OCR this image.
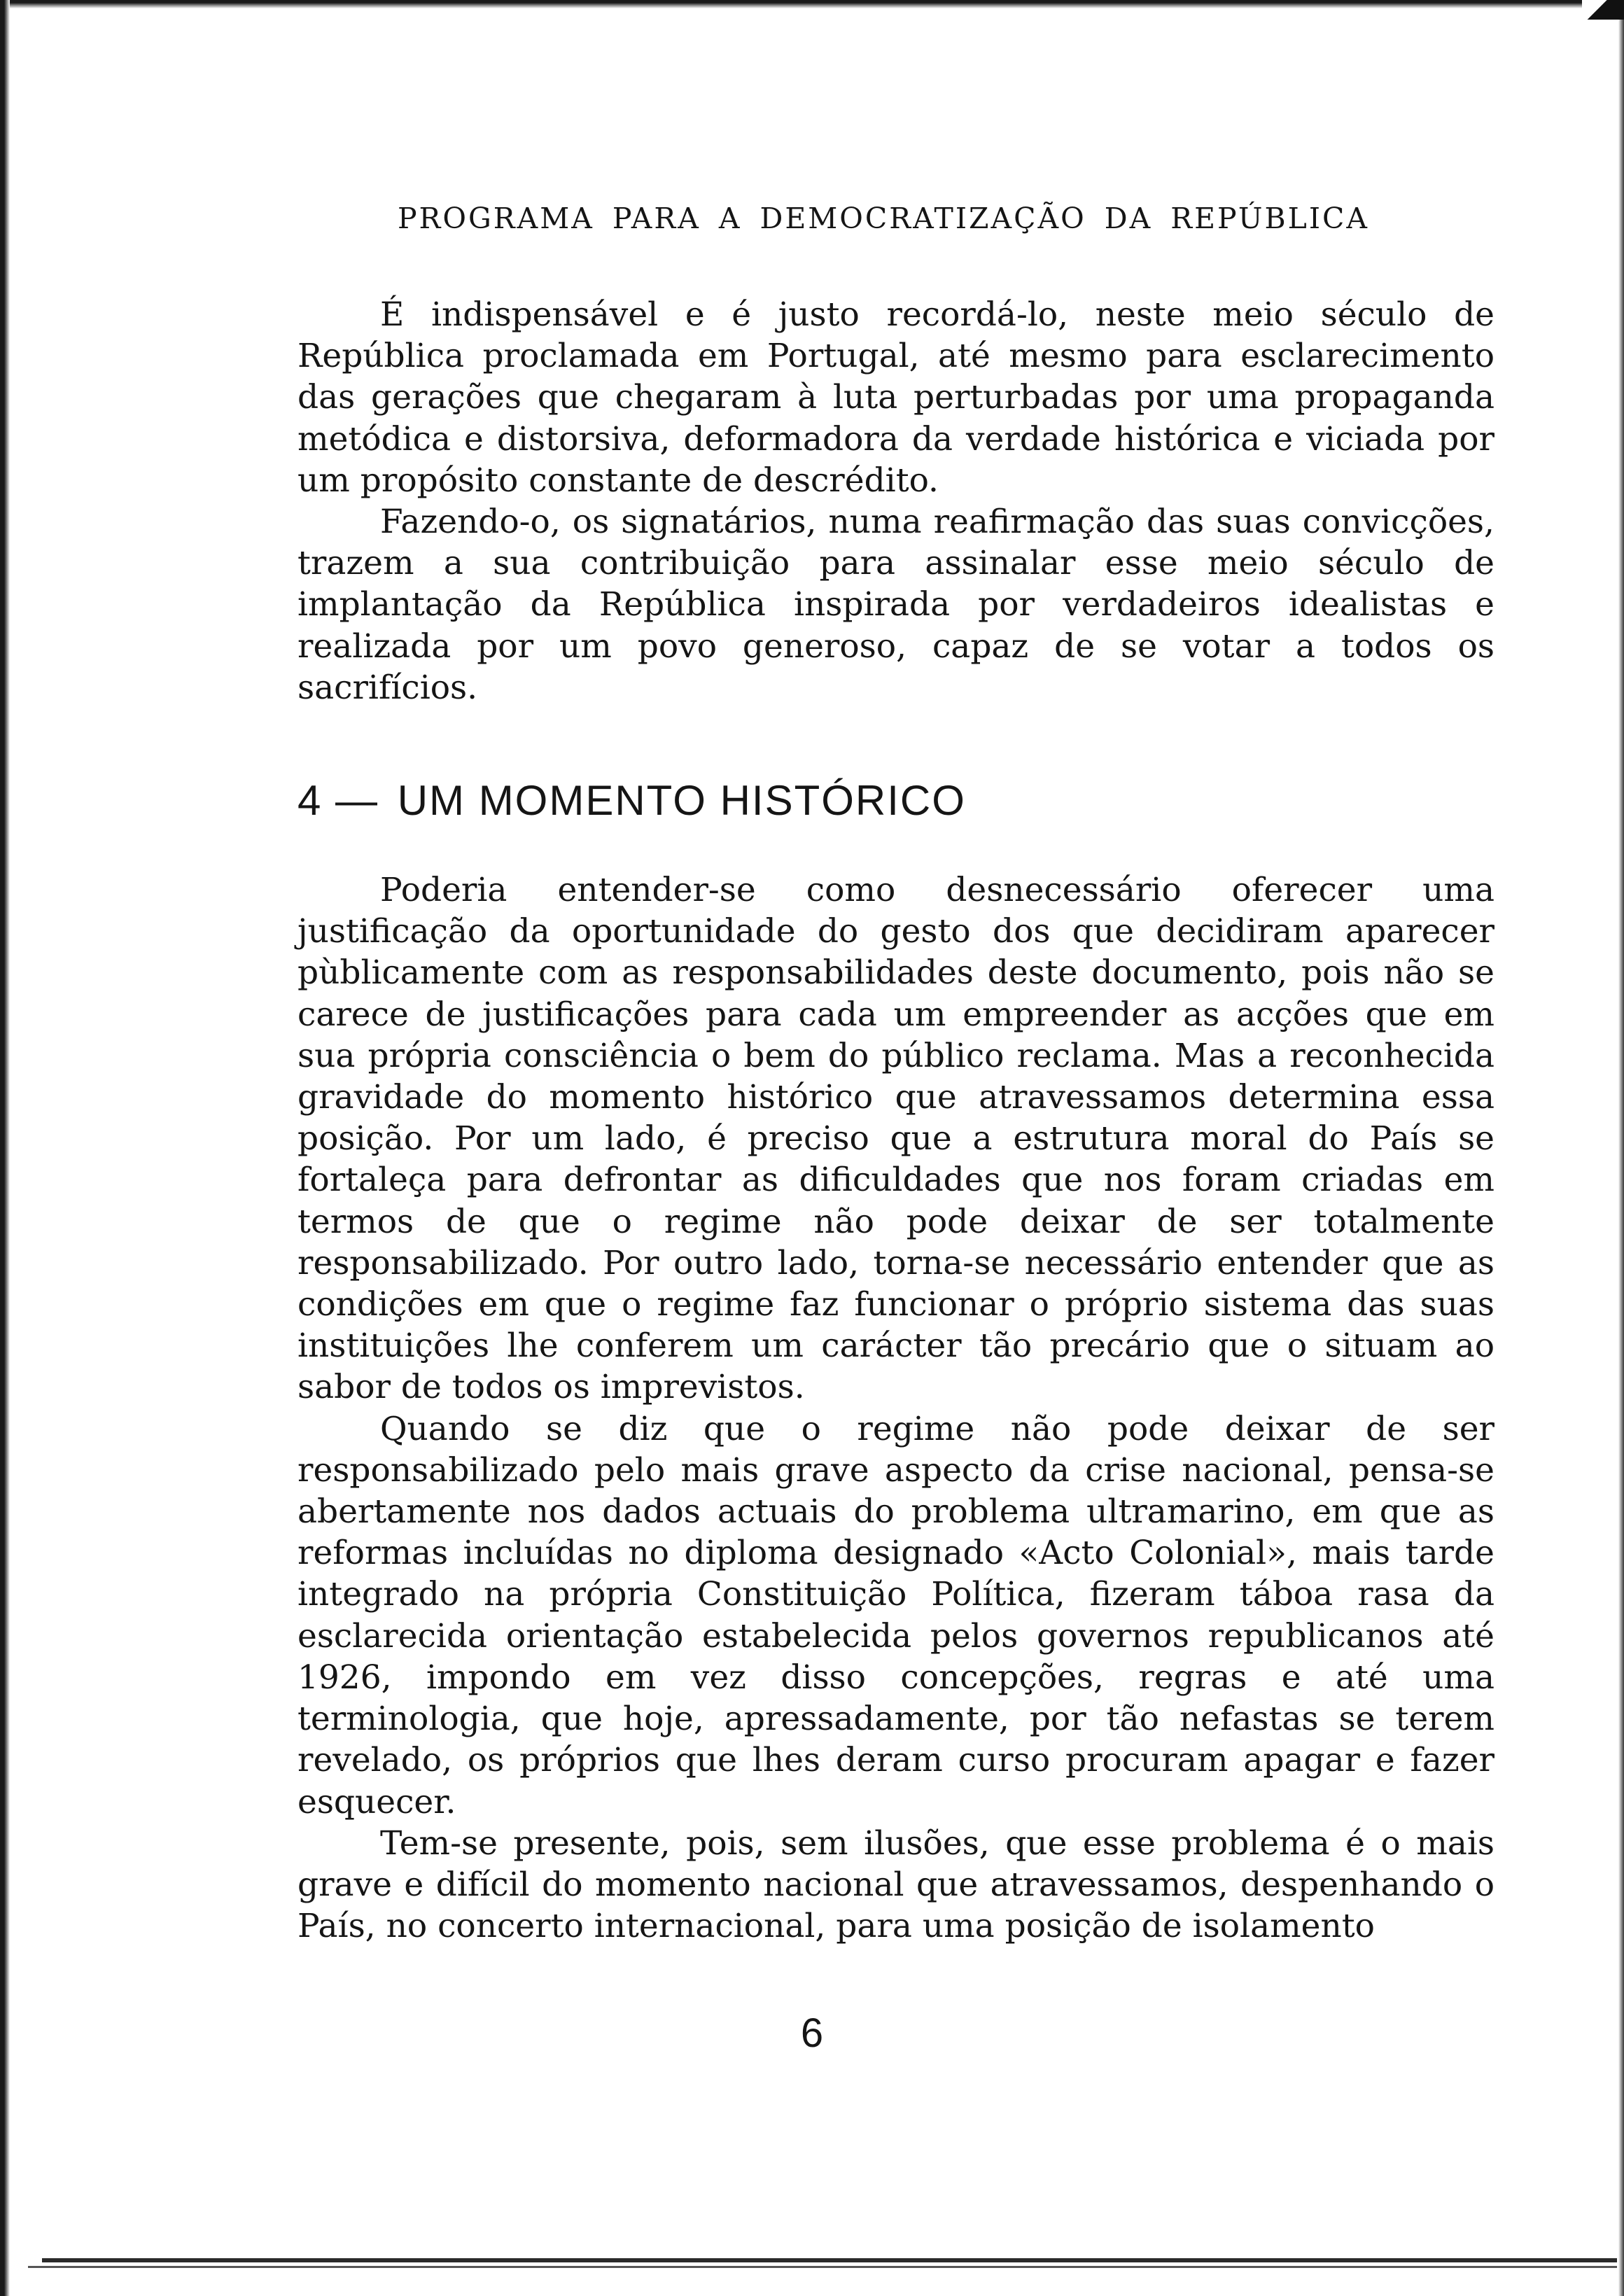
PROGRAMA PARA A DEMOCRATIZAÇÃO DA REPÚBLICA

É indispensável e é justo recordá-lo, neste meio século de República proclamada em Portugal, até mesmo para esclarecimento das gerações que chegaram à luta perturbadas por uma propaganda metódica e distorsiva, deformadora da verdade histórica e viciada por um propósito constante de descrédito.

Fazendo-o, os signatários, numa reafirmação das suas convicções, trazem a sua contribuição para assinalar esse meio século de implantação da República inspirada por verdadeiros idealistas e realizada por um povo generoso, capaz de se votar a todos os sacrifícios.

4 — UM MOMENTO HISTÓRICO

Poderia entender-se como desnecessário oferecer uma justificação da oportunidade do gesto dos que decidiram aparecer pùblicamente com as responsabilidades deste documento, pois não se carece de justificações para cada um empreender as acções que em sua própria consciência o bem do público reclama. Mas a reconhecida gravidade do momento histórico que atravessamos determina essa posição. Por um lado, é preciso que a estrutura moral do País se fortaleça para defrontar as dificuldades que nos foram criadas em termos de que o regime não pode deixar de ser totalmente responsabilizado. Por outro lado, torna-se necessário entender que as condições em que o regime faz funcionar o próprio sistema das suas instituições lhe conferem um carácter tão precário que o situam ao sabor de todos os imprevistos.

Quando se diz que o regime não pode deixar de ser responsabilizado pelo mais grave aspecto da crise nacional, pensa-se abertamente nos dados actuais do problema ultramarino, em que as reformas incluídas no diploma designado «Acto Colonial», mais tarde integrado na própria Constituição Política, fizeram táboa rasa da esclarecida orientação estabelecida pelos governos republicanos até 1926, impondo em vez disso concepções, regras e até uma terminologia, que hoje, apressadamente, por tão nefastas se terem revelado, os próprios que lhes deram curso procuram apagar e fazer esquecer.

Tem-se presente, pois, sem ilusões, que esse problema é o mais grave e difícil do momento nacional que atravessamos, despenhando o País, no concerto internacional, para uma posição de isolamento

6
